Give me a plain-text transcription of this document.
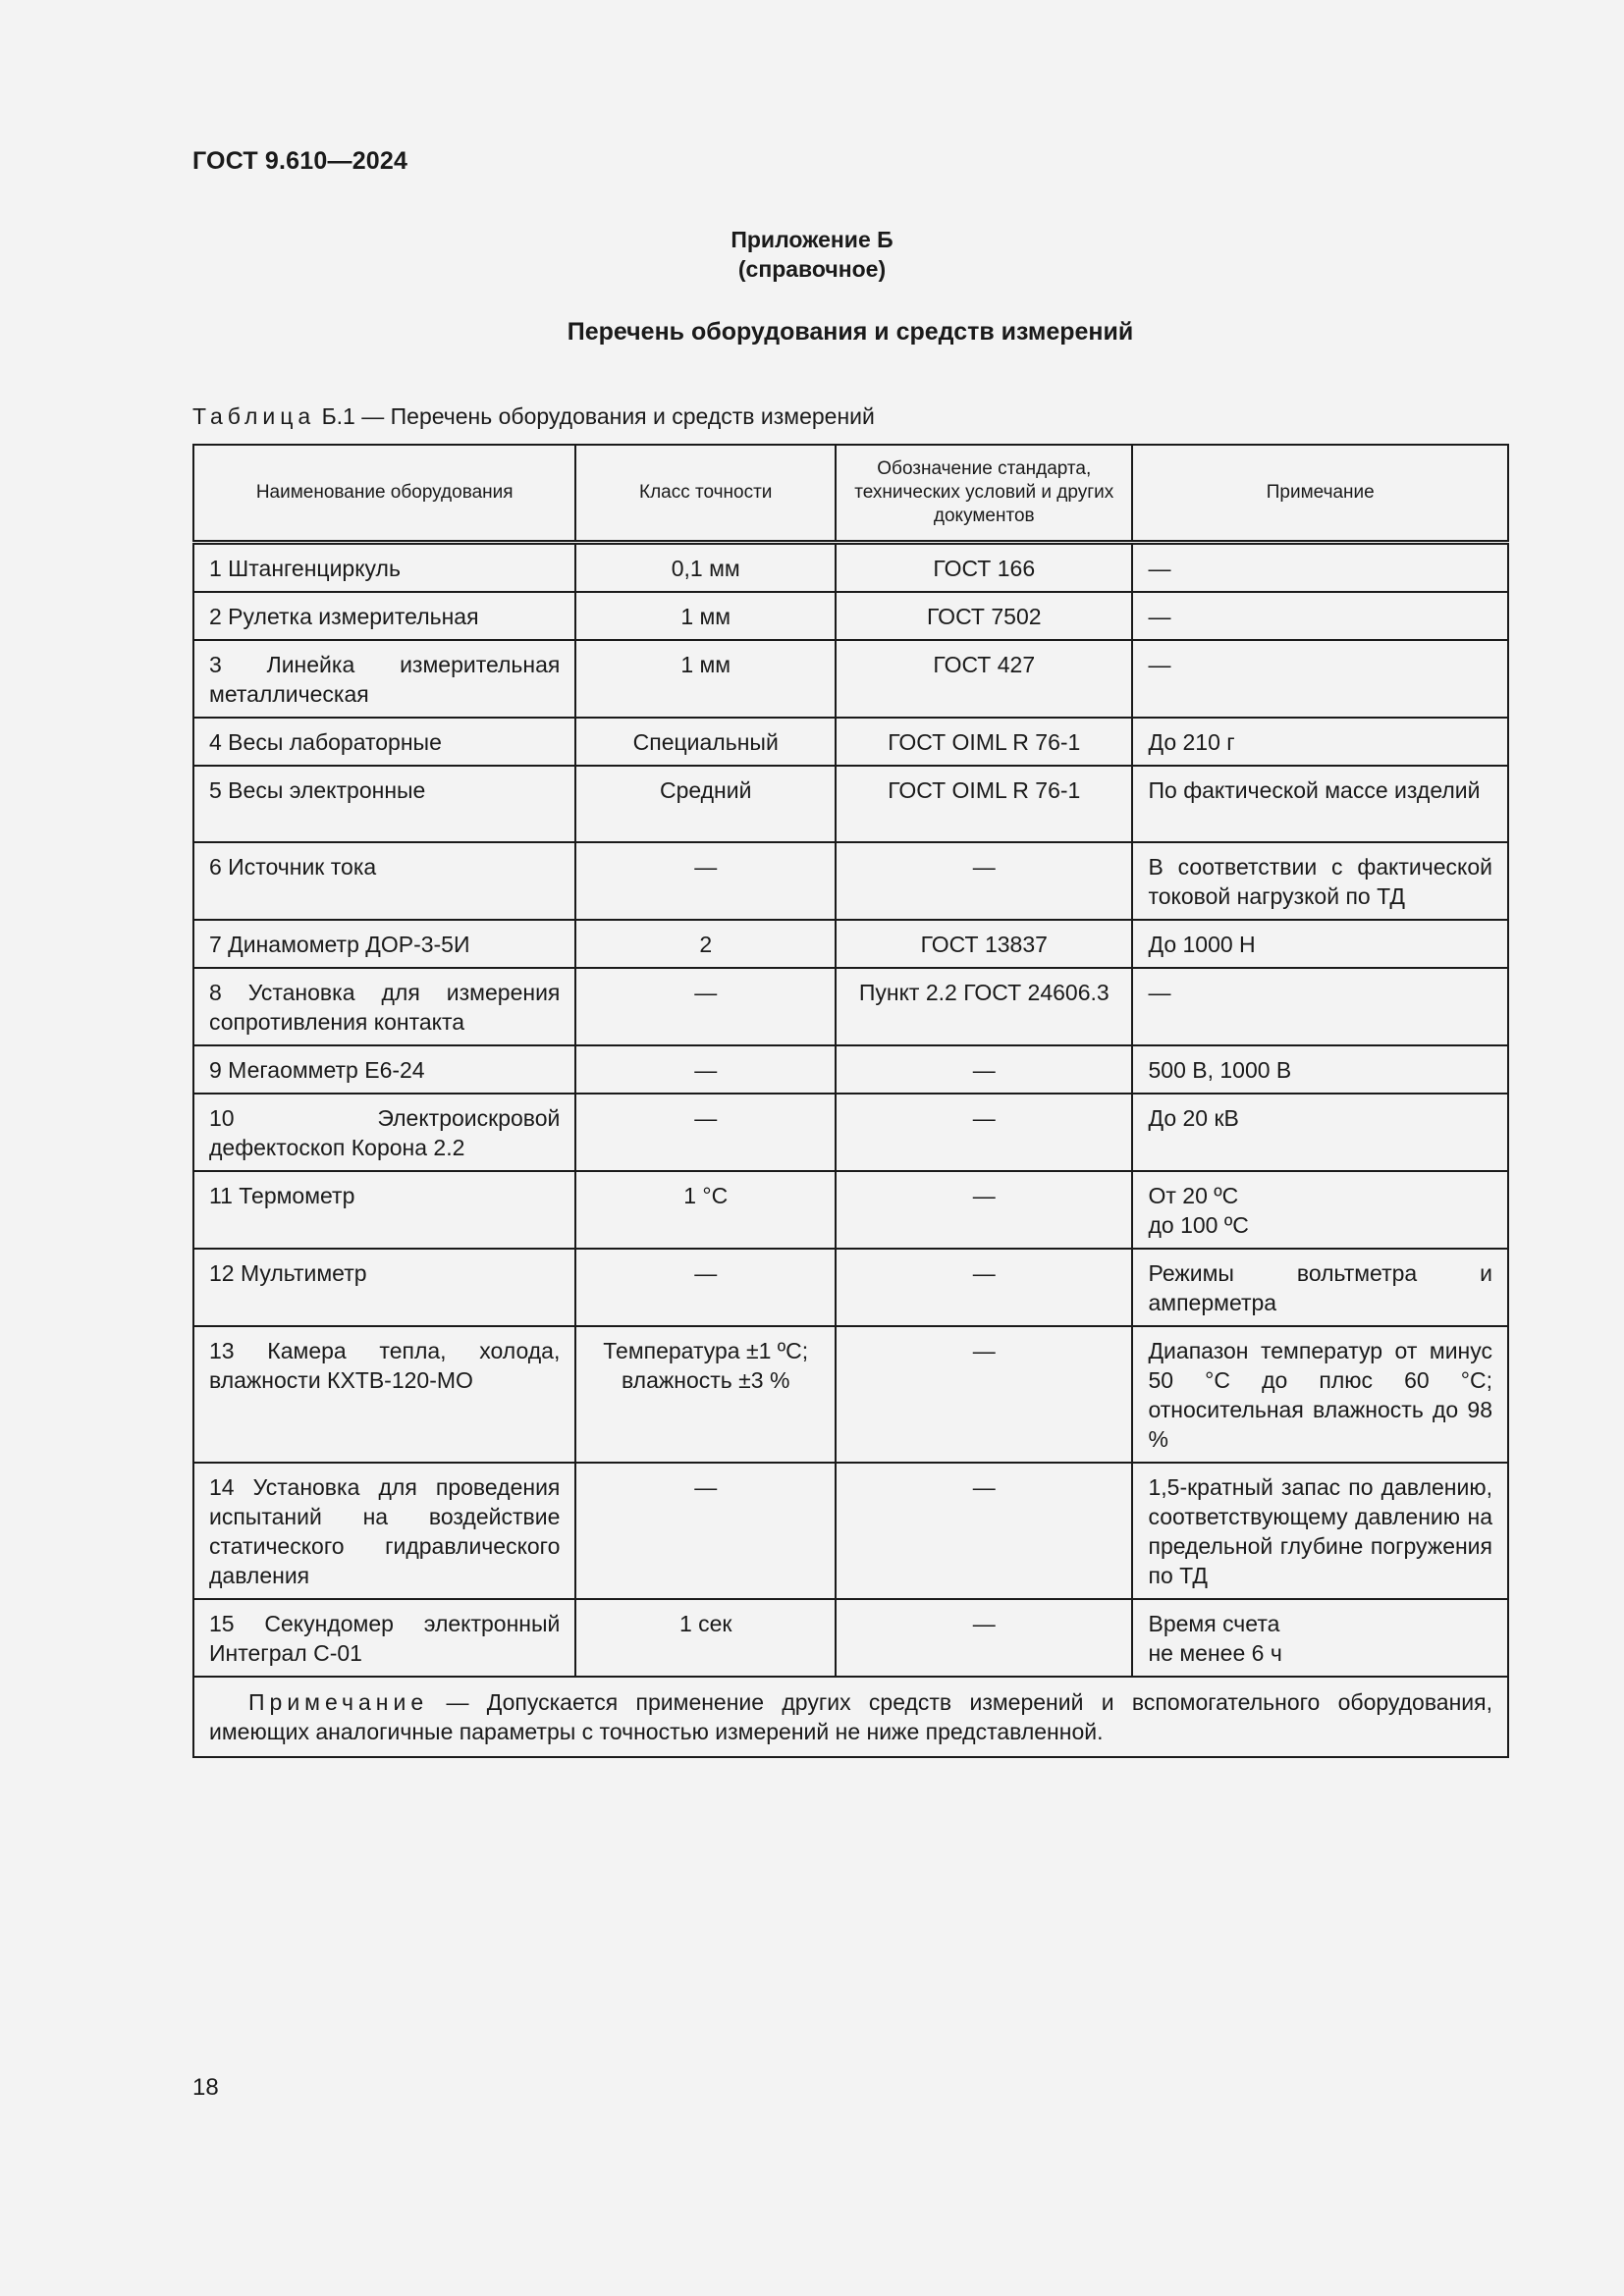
ГОСТ 9.610—2024
Приложение Б
(справочное)
Перечень оборудования и средств измерений
Таблица Б.1 — Перечень оборудования и средств измерений
Наименование оборудования	Класс точности	Обозначение стандарта, технических условий и других документов	Примечание
1 Штангенциркуль	0,1 мм	ГОСТ 166	—
2 Рулетка измерительная	1 мм	ГОСТ 7502	—
3 Линейка измерительная металлическая	1 мм	ГОСТ 427	—
4 Весы лабораторные	Специальный	ГОСТ OIML R 76-1	До 210 г
5 Весы электронные	Средний	ГОСТ OIML R 76-1	По фактической массе изделий
6 Источник тока	—	—	В соответствии с фактической токовой нагрузкой по ТД
7 Динамометр ДОР-3-5И	2	ГОСТ 13837	До 1000 Н
8 Установка для измерения сопротивления контакта	—	Пункт 2.2 ГОСТ 24606.3	—
9 Мегаомметр Е6-24	—	—	500 В, 1000 В
10 Электроискровой дефектоскоп Корона 2.2	—	—	До 20 кВ
11 Термометр	1 °С	—	От 20 ºС
до 100 ºС
12 Мультиметр	—	—	Режимы вольтметра и амперметра
13 Камера тепла, холода, влажности КХТВ-120-МО	Температура ±1 ºС;
влажность ±3 %	—	Диапазон температур от минус 50 °С до плюс 60 °С; относительная влажность до 98 %
14 Установка для проведения испытаний на воздействие статического гидравлического давления	—	—	1,5-кратный запас по давлению, соответствующему давлению на предельной глубине погружения по ТД
15 Секундомер электронный Интеграл С-01	1 сек	—	Время счета
не менее 6 ч
Примечание — Допускается применение других средств измерений и вспомогательного оборудования, имеющих аналогичные параметры с точностью измерений не ниже представленной.			
18
